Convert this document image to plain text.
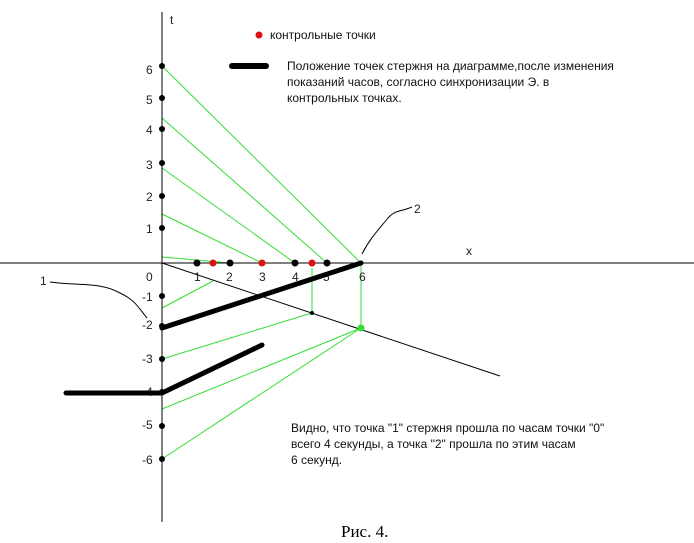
t
x
0
6
5
4
3
2
1
-1
-2
-3
-4
-5
-6
1 2 3 4 5 6
1
2
контрольные точки
Положение точек стержня на диаграмме,после изменения
показаний часов, согласно синхронизации Э. в
контрольных точках.
Видно, что точка "1" стержня прошла по часам точки "0"
всего 4 секунды, а точка "2" прошла по этим часам
6 секунд.
Рис. 4.
